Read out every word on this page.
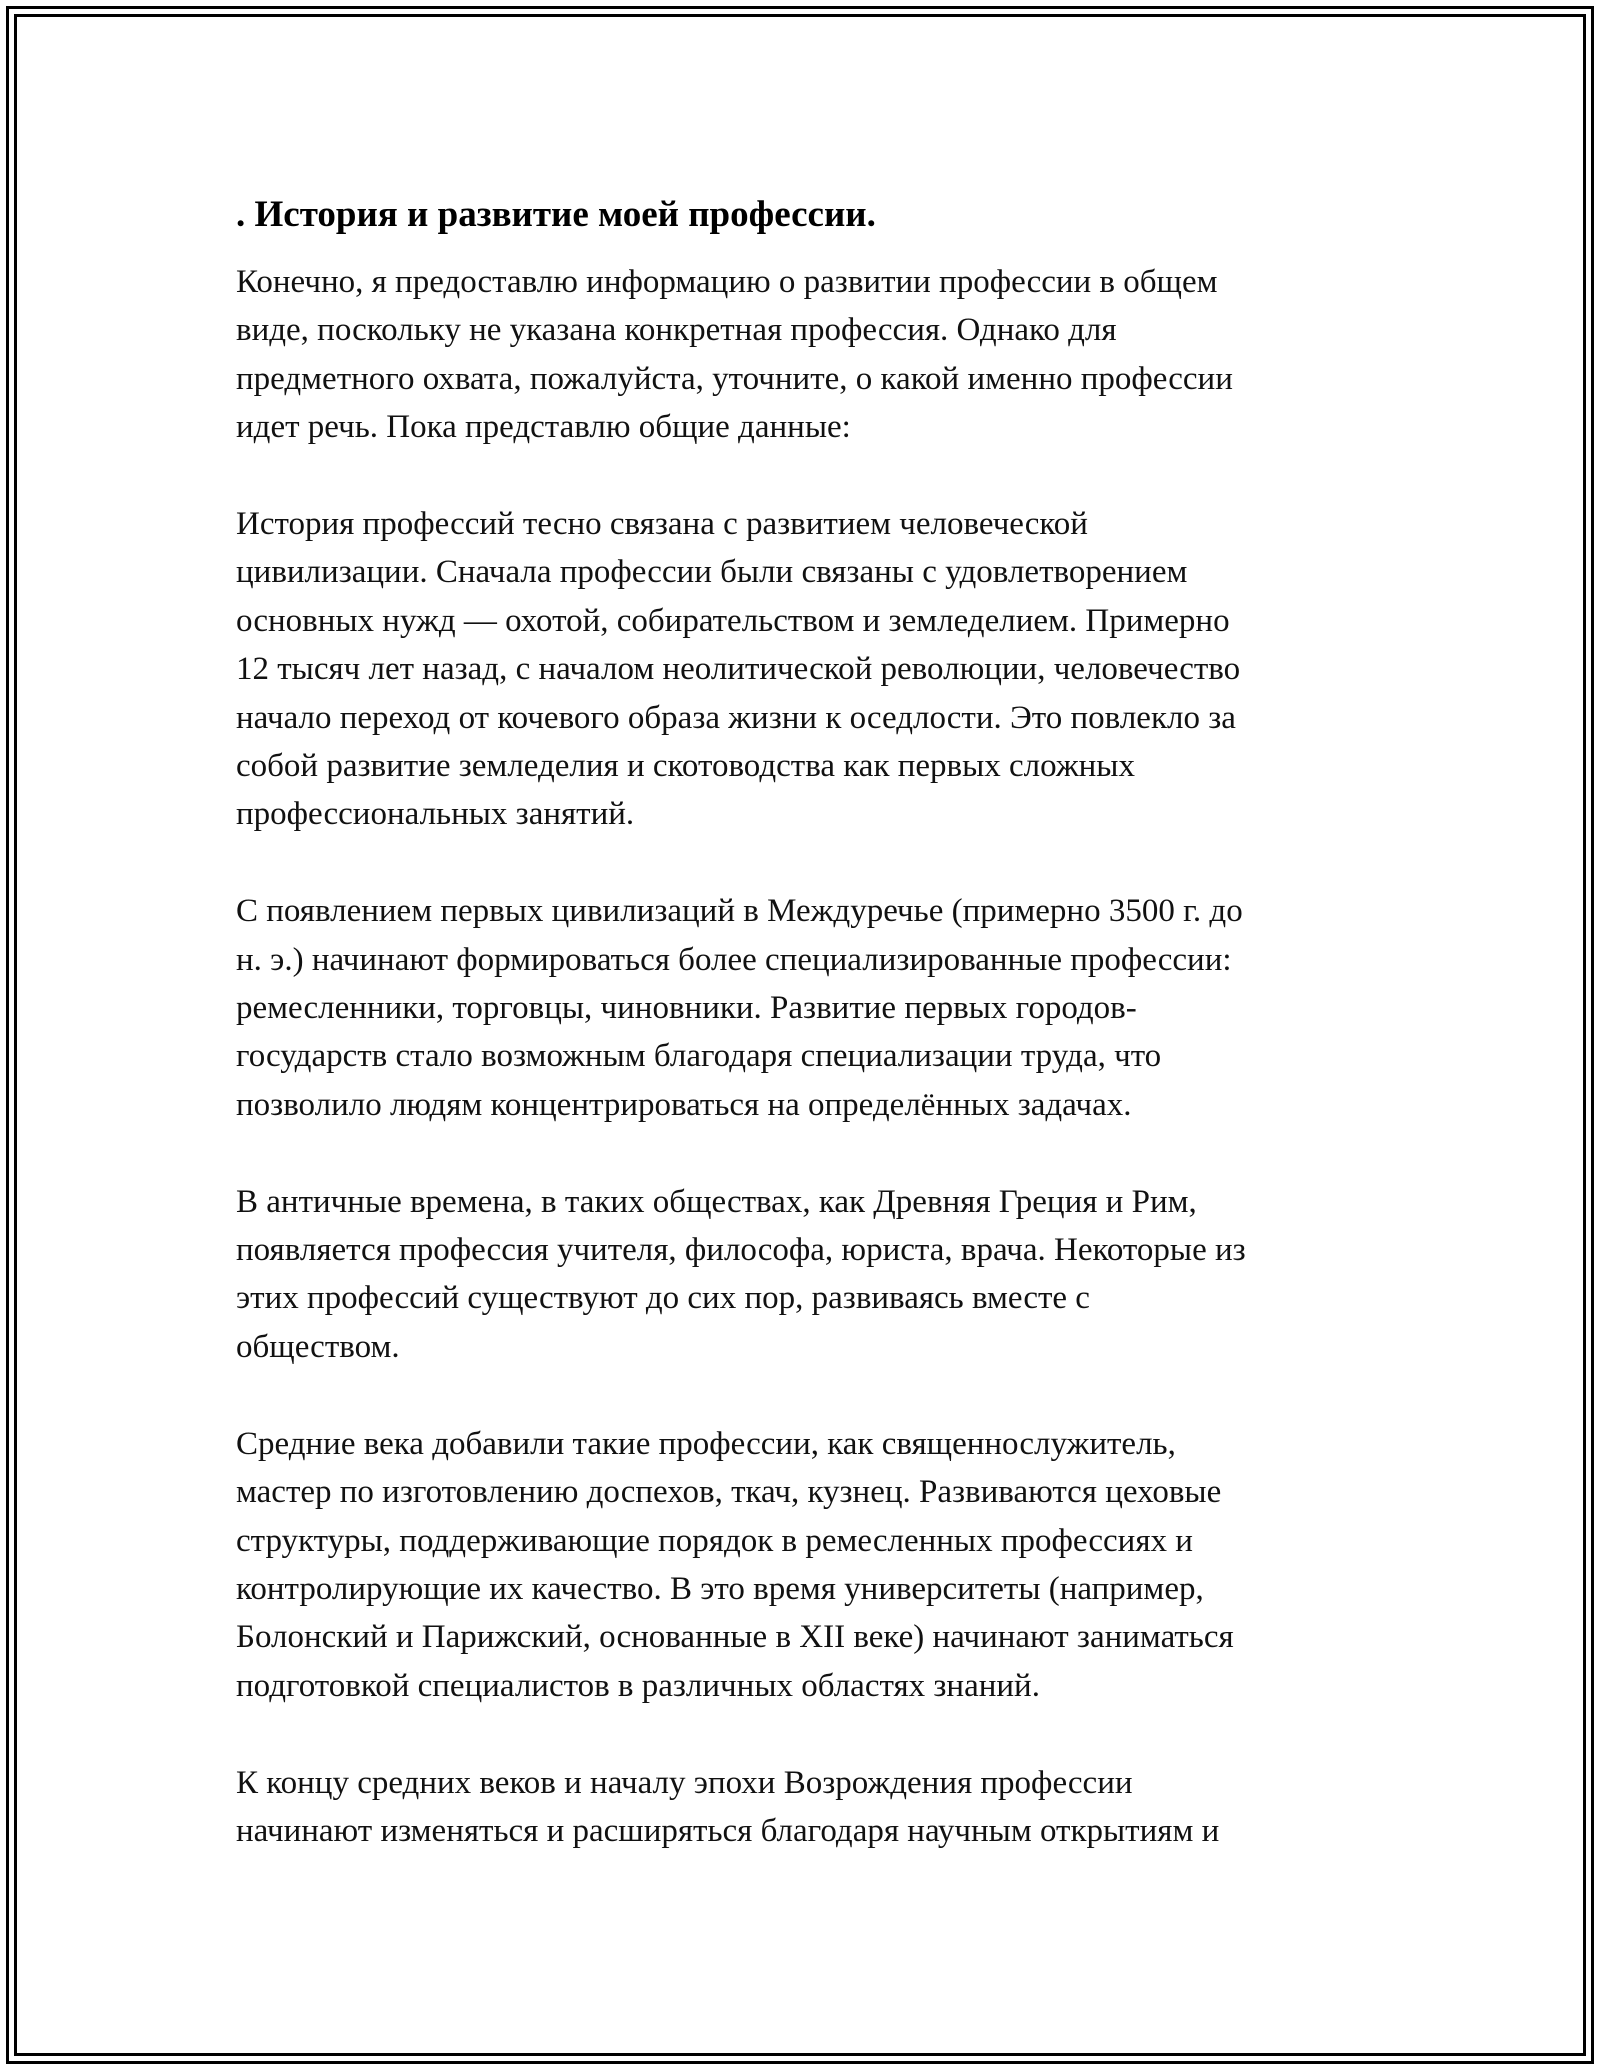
. История и развитие моей профессии.

Конечно, я предоставлю информацию о развитии профессии в общем
виде, поскольку не указана конкретная профессия. Однако для
предметного охвата, пожалуйста, уточните, о какой именно профессии
идет речь. Пока представлю общие данные:

История профессий тесно связана с развитием человеческой
цивилизации. Сначала профессии были связаны с удовлетворением
основных нужд — охотой, собирательством и земледелием. Примерно
12 тысяч лет назад, с началом неолитической революции, человечество
начало переход от кочевого образа жизни к оседлости. Это повлекло за
собой развитие земледелия и скотоводства как первых сложных
профессиональных занятий.

С появлением первых цивилизаций в Междуречье (примерно 3500 г. до
н. э.) начинают формироваться более специализированные профессии:
ремесленники, торговцы, чиновники. Развитие первых городов-
государств стало возможным благодаря специализации труда, что
позволило людям концентрироваться на определённых задачах.

В античные времена, в таких обществах, как Древняя Греция и Рим,
появляется профессия учителя, философа, юриста, врача. Некоторые из
этих профессий существуют до сих пор, развиваясь вместе с
обществом.

Средние века добавили такие профессии, как священнослужитель,
мастер по изготовлению доспехов, ткач, кузнец. Развиваются цеховые
структуры, поддерживающие порядок в ремесленных профессиях и
контролирующие их качество. В это время университеты (например,
Болонский и Парижский, основанные в XII веке) начинают заниматься
подготовкой специалистов в различных областях знаний.

К концу средних веков и началу эпохи Возрождения профессии
начинают изменяться и расширяться благодаря научным открытиям и
